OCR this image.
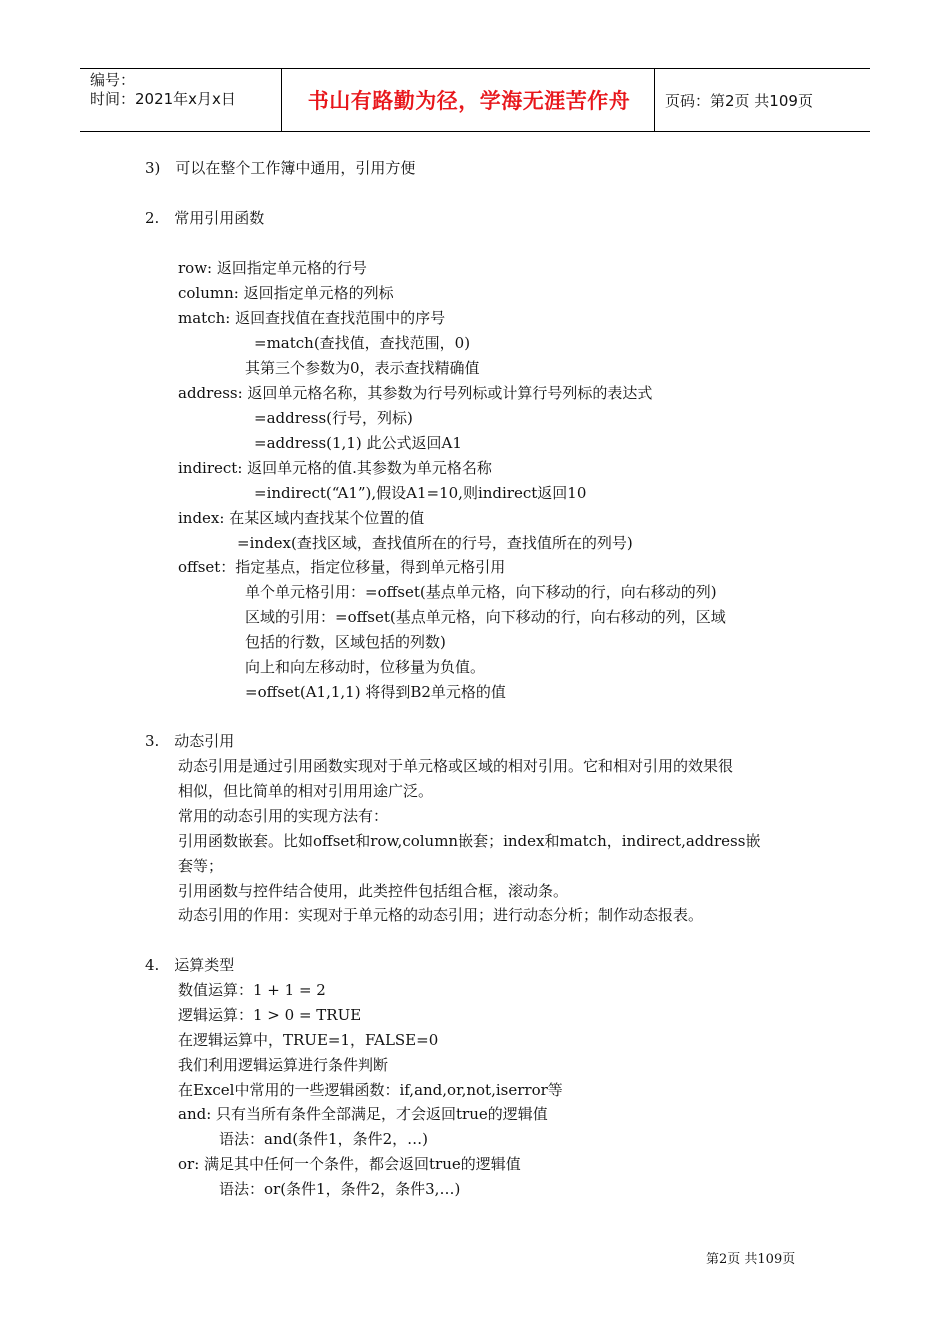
编号：
时间：2021年x月x日	书山有路勤为径，学海无涯苦作舟	页码：第2页 共109页
3)　可以在整个工作簿中通用，引用方便
2.　常用引用函数
row: 返回指定单元格的行号
column: 返回指定单元格的列标
match: 返回查找值在查找范围中的序号
=match(查找值，查找范围，0)
其第三个参数为0，表示查找精确值
address: 返回单元格名称，其参数为行号列标或计算行号列标的表达式
=address(行号，列标)
=address(1,1) 此公式返回A1
indirect: 返回单元格的值.其参数为单元格名称
=indirect(“A1”),假设A1=10,则indirect返回10
index: 在某区域内查找某个位置的值
=index(查找区域，查找值所在的行号，查找值所在的列号)
offset：指定基点，指定位移量，得到单元格引用
单个单元格引用：=offset(基点单元格，向下移动的行，向右移动的列)
区域的引用：=offset(基点单元格，向下移动的行，向右移动的列，区域
包括的行数，区域包括的列数)
向上和向左移动时，位移量为负值。
=offset(A1,1,1) 将得到B2单元格的值
3.　动态引用
动态引用是通过引用函数实现对于单元格或区域的相对引用。它和相对引用的效果很
相似，但比简单的相对引用用途广泛。
常用的动态引用的实现方法有：
引用函数嵌套。比如offset和row,column嵌套；index和match，indirect,address嵌
套等；
引用函数与控件结合使用，此类控件包括组合框，滚动条。
动态引用的作用：实现对于单元格的动态引用；进行动态分析；制作动态报表。
4.　运算类型
数值运算：1 + 1 = 2
逻辑运算：1 > 0 = TRUE
在逻辑运算中，TRUE=1，FALSE=0
我们利用逻辑运算进行条件判断
在Excel中常用的一些逻辑函数：if,and,or,not,iserror等
and: 只有当所有条件全部满足，才会返回true的逻辑值
语法：and(条件1，条件2，…)
or: 满足其中任何一个条件，都会返回true的逻辑值
语法：or(条件1，条件2，条件3,…)
第2页 共109页
